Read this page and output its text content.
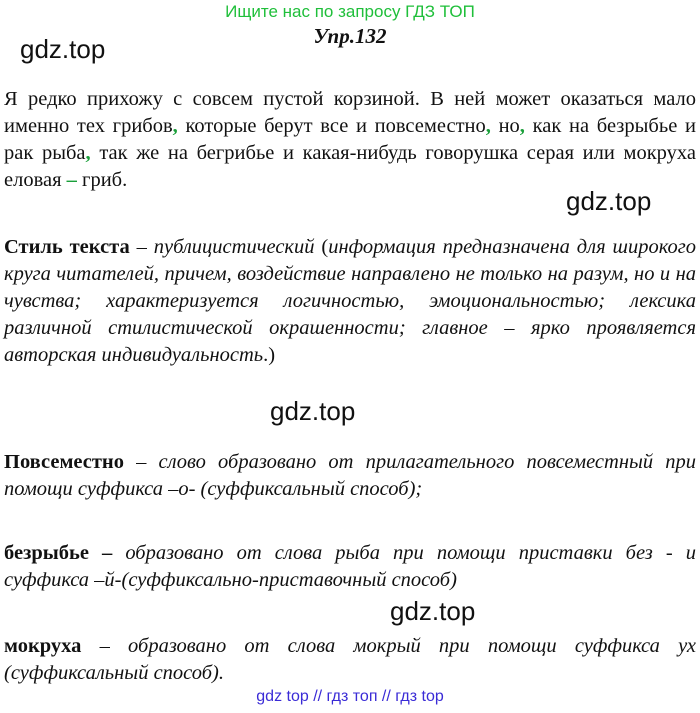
Ищите нас по запросу ГДЗ ТОП
Упр.132
gdz.top
Я редко прихожу с совсем пустой корзиной. В ней может оказаться мало именно тех грибов, которые берут все и повсеместно, но, как на безрыбье и рак рыба, так же на бегрибье и какая-нибудь говорушка серая или мокруха еловая – гриб.
gdz.top
Стиль текста – публицистический (информация предназначена для широкого круга читателей, причем, воздействие направлено не только на разум, но и на чувства; характеризуется логичностью, эмоциональностью; лексика различной стилистической окрашенности; главное – ярко проявляется авторская индивидуальность.)
gdz.top
Повсеместно – слово образовано от прилагательного повсеместный при помощи суффикса –о- (суффиксальный способ);
безрыбье – образовано от слова рыба при помощи приставки без - и суффикса –й-(суффиксально-приставочный способ)
gdz.top
мокруха – образовано от слова мокрый при помощи суффикса ух (суффиксальный способ).
gdz top // гдз топ // гдз top
